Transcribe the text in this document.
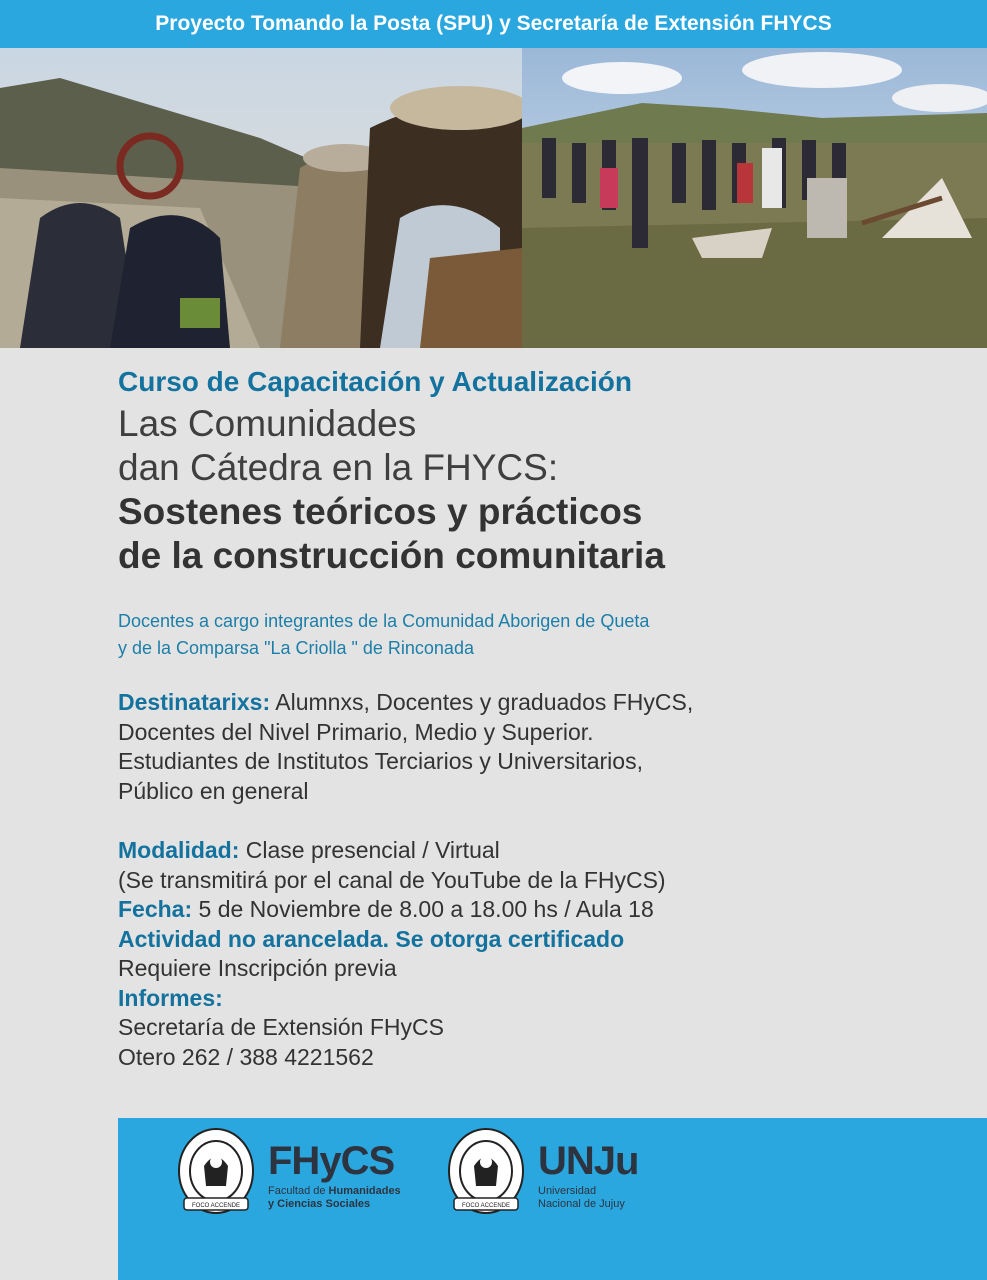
Proyecto Tomando la Posta (SPU) y Secretaría de Extensión FHYCS
Curso de Capacitación y Actualización
Las Comunidades
dan Cátedra en la FHYCS:
Sostenes teóricos y prácticos
de la construcción comunitaria
Docentes a cargo integrantes de la Comunidad Aborigen de Queta
y de la Comparsa "La Criolla " de Rinconada
Destinatarixs: Alumnxs, Docentes y graduados FHyCS,
Docentes del Nivel Primario, Medio y Superior.
Estudiantes de Institutos Terciarios y Universitarios,
Público en general
Modalidad: Clase presencial / Virtual
(Se transmitirá por el canal de YouTube de la FHyCS)
Fecha: 5 de Noviembre de 8.00 a 18.00 hs / Aula 18
Actividad no arancelada. Se otorga certificado
Requiere Inscripción previa
Informes:
Secretaría de Extensión FHyCS
Otero 262 / 388 4221562
FOCO ACCENDE
FHyCS
Facultad de Humanidades
y Ciencias Sociales	FOCO ACCENDE
UNJu
Universidad
Nacional de Jujuy
